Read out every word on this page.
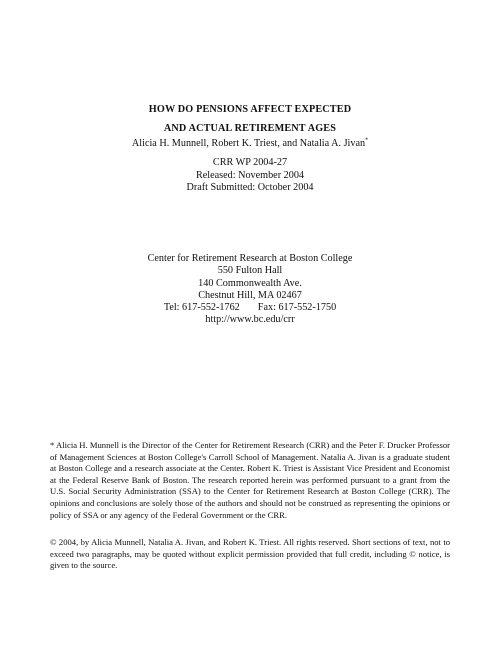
HOW DO PENSIONS AFFECT EXPECTED
AND ACTUAL RETIREMENT AGES
Alicia H. Munnell, Robert K. Triest, and Natalia A. Jivan*
CRR WP 2004-27
Released: November 2004
Draft Submitted: October 2004
Center for Retirement Research at Boston College
550 Fulton Hall
140 Commonwealth Ave.
Chestnut Hill, MA 02467
Tel: 617-552-1762 Fax: 617-552-1750
http://www.bc.edu/crr
* Alicia H. Munnell is the Director of the Center for Retirement Research (CRR) and the Peter F. Drucker Professor of Management Sciences at Boston College's Carroll School of Management. Natalia A. Jivan is a graduate student at Boston College and a research associate at the Center. Robert K. Triest is Assistant Vice President and Economist at the Federal Reserve Bank of Boston. The research reported herein was performed pursuant to a grant from the U.S. Social Security Administration (SSA) to the Center for Retirement Research at Boston College (CRR). The opinions and conclusions are solely those of the authors and should not be construed as representing the opinions or policy of SSA or any agency of the Federal Government or the CRR.
© 2004, by Alicia Munnell, Natalia A. Jivan, and Robert K. Triest. All rights reserved. Short sections of text, not to exceed two paragraphs, may be quoted without explicit permission provided that full credit, including © notice, is given to the source.
